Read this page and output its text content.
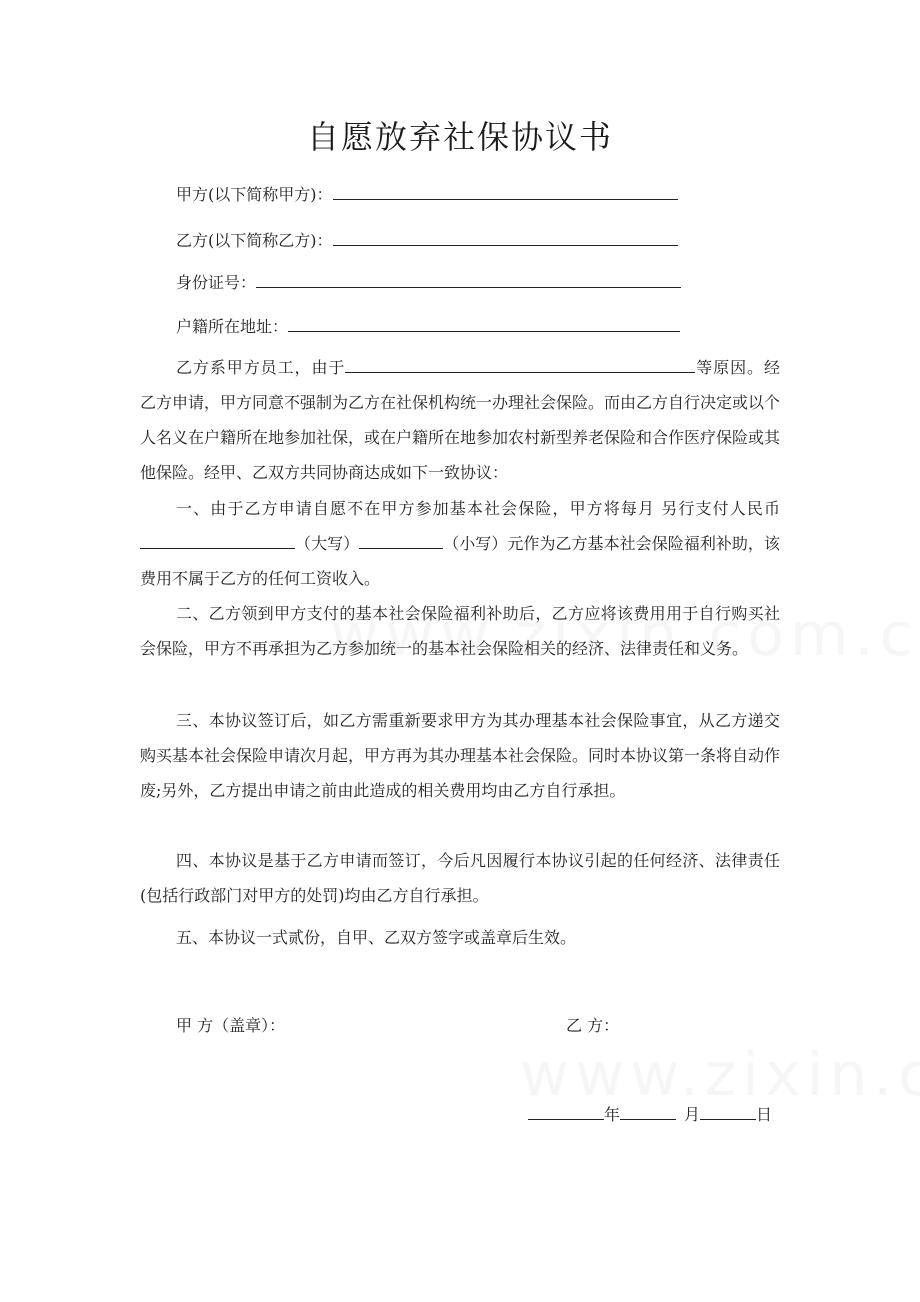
自愿放弃社保协议书
甲方(以下简称甲方)：
乙方(以下简称乙方)：
身份证号：
户籍所在地址：
乙方系甲方员工，由于	等原因。经乙方申请，甲方同意不强制为乙方在社保机构统一办理社会保险。而由乙方自行决定或以个人名义在户籍所在地参加社保，或在户籍所在地参加农村新型养老保险和合作医疗保险或其他保险。经甲、乙双方共同协商达成如下一致协议：
一、由于乙方申请自愿不在甲方参加基本社会保险，甲方将每月 另行支付人民币（大写）	（小写）元作为乙方基本社会保险福利补助，该费用不属于乙方的任何工资收入。
二、乙方领到甲方支付的基本社会保险福利补助后，乙方应将该费用用于自行购买社会保险，甲方不再承担为乙方参加统一的基本社会保险相关的经济、法律责任和义务。
三、本协议签订后，如乙方需重新要求甲方为其办理基本社会保险事宜，从乙方递交购买基本社会保险申请次月起，甲方再为其办理基本社会保险。同时本协议第一条将自动作废;另外，乙方提出申请之前由此造成的相关费用均由乙方自行承担。
四、本协议是基于乙方申请而签订，今后凡因履行本协议引起的任何经济、法律责任(包括行政部门对甲方的处罚)均由乙方自行承担。
五、本协议一式贰份，自甲、乙双方签字或盖章后生效。
甲 方（盖章）：	乙 方：
年	月	日
